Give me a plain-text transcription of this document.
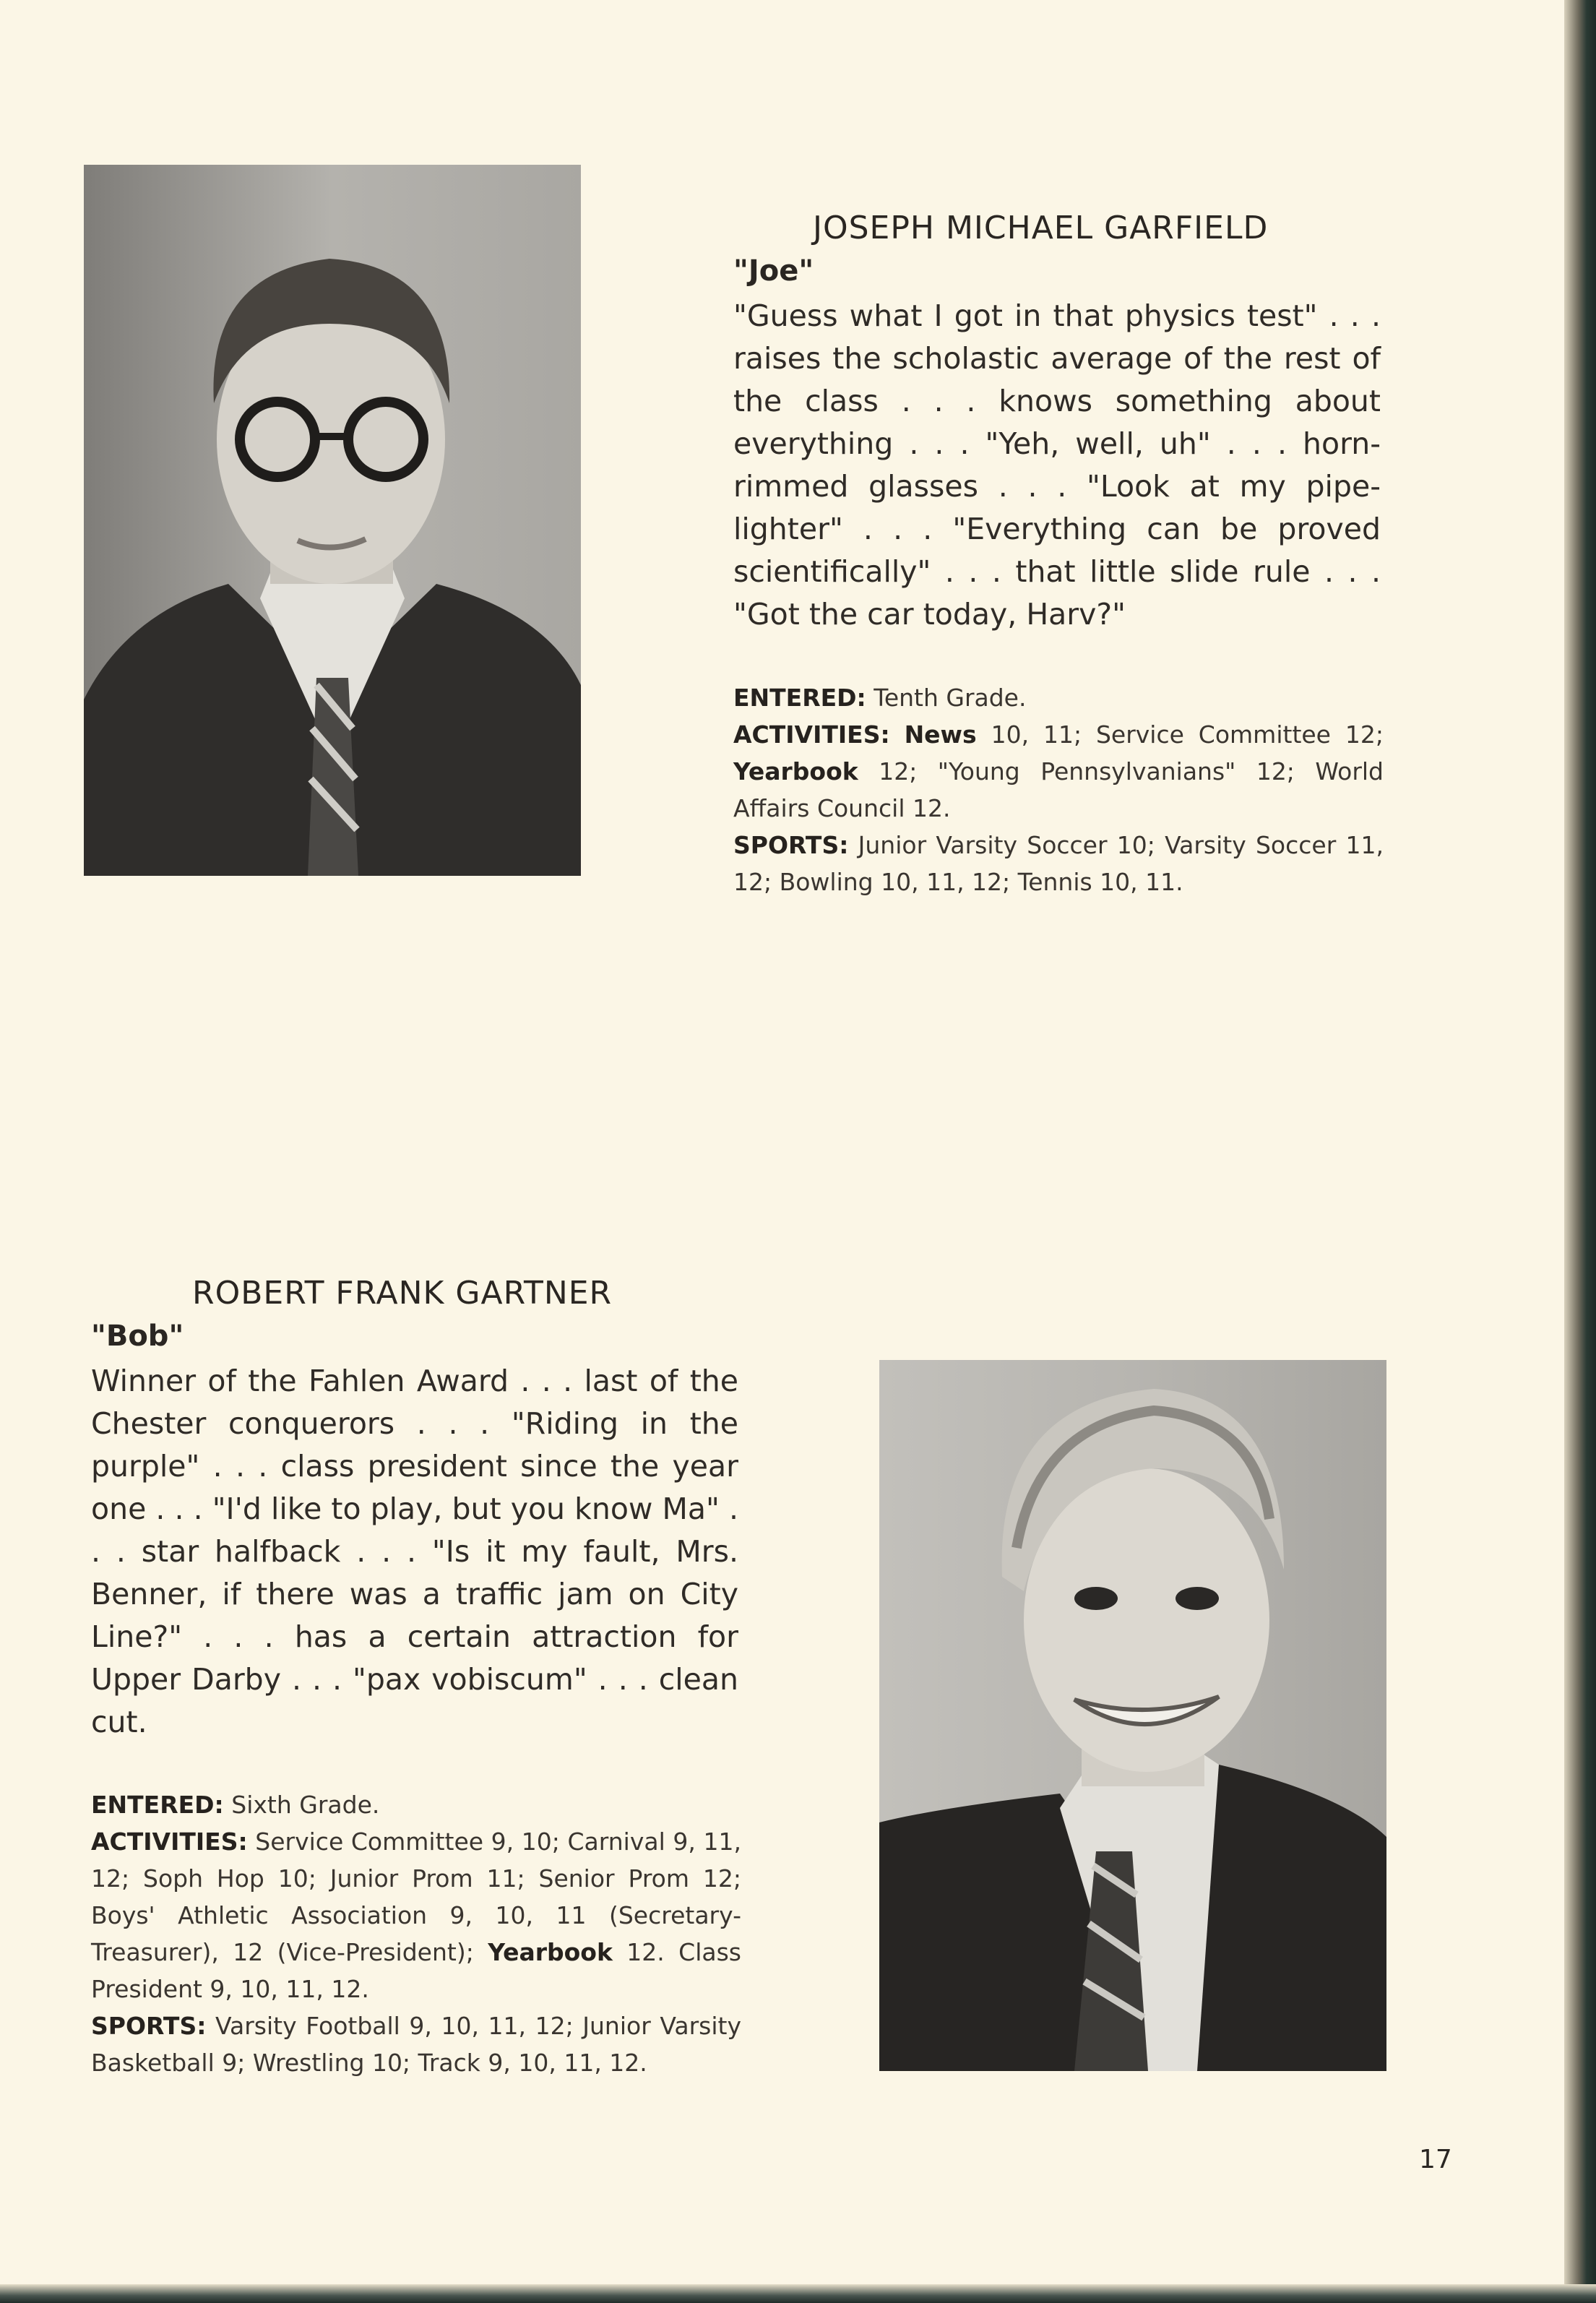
JOSEPH MICHAEL GARFIELD

"Joe"

"Guess what I got in that physics test" . . . raises the scholastic average of the rest of the class . . . knows something about everything . . . "Yeh, well, uh" . . . horn-rimmed glasses . . . "Look at my pipe-lighter" . . . "Everything can be proved scientifically" . . . that little slide rule . . . "Got the car today, Harv?"

ENTERED: Tenth Grade.

ACTIVITIES: News 10, 11; Service Committee 12; Yearbook 12; "Young Pennsylvanians" 12; World Affairs Council 12.

SPORTS: Junior Varsity Soccer 10; Varsity Soccer 11, 12; Bowling 10, 11, 12; Tennis 10, 11.

ROBERT FRANK GARTNER

"Bob"

Winner of the Fahlen Award . . . last of the Chester conquerors . . . "Riding in the purple" . . . class president since the year one . . . "I'd like to play, but you know Ma" . . . star halfback . . . "Is it my fault, Mrs. Benner, if there was a traffic jam on City Line?" . . . has a certain attraction for Upper Darby . . . "pax vobiscum" . . . clean cut.

ENTERED: Sixth Grade.

ACTIVITIES: Service Committee 9, 10; Carnival 9, 11, 12; Soph Hop 10; Junior Prom 11; Senior Prom 12; Boys' Athletic Association 9, 10, 11 (Secretary-Treasurer), 12 (Vice-President); Yearbook 12. Class President 9, 10, 11, 12.

SPORTS: Varsity Football 9, 10, 11, 12; Junior Varsity Basketball 9; Wrestling 10; Track 9, 10, 11, 12.

17
